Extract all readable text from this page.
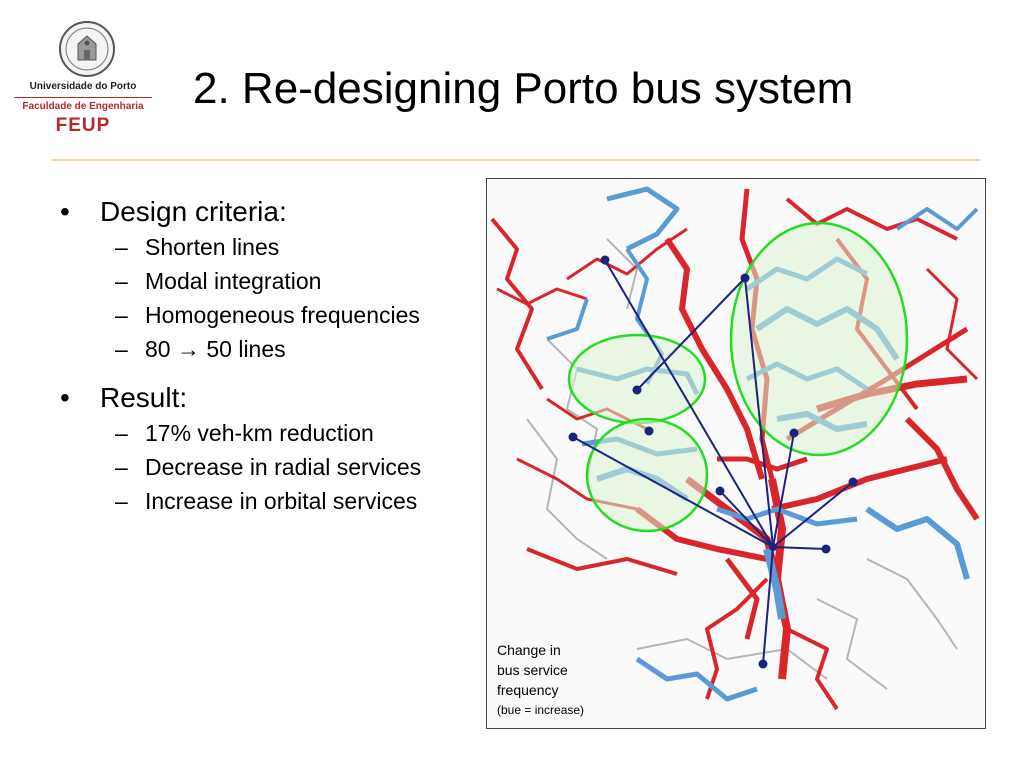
Universidade do Porto
Faculdade de Engenharia
FEUP
2. Re-designing Porto bus system
• Design criteria:
– Shorten lines
– Modal integration
– Homogeneous frequencies
– 80 → 50 lines
• Result:
– 17% veh-km reduction
– Decrease in radial services
– Increase in orbital services
Change in
bus service
frequency
(bue = increase)
